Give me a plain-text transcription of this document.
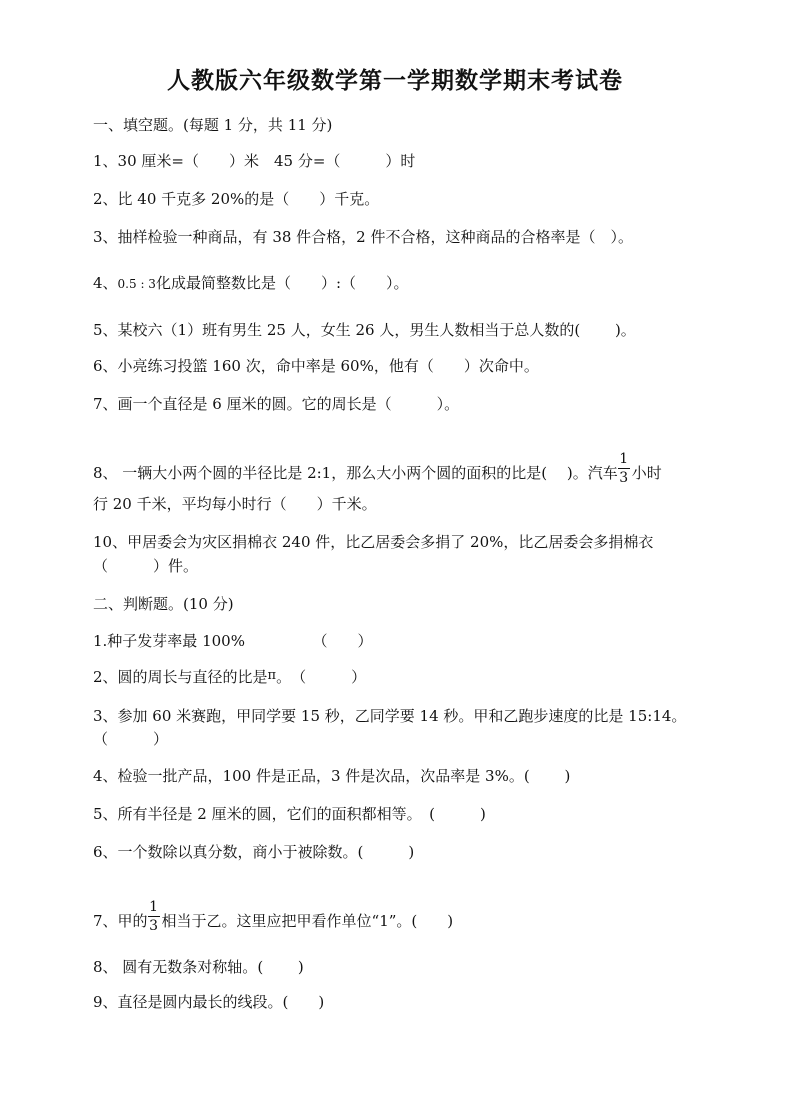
人教版六年级数学第一学期数学期末考试卷
一、填空题。(每题 1 分，共 11 分)
1、30 厘米=（　　）米　45 分=（　　　）时
2、比 40 千克多 20%的是（　　）千克。
3、抽样检验一种商品，有 38 件合格，2 件不合格，这种商品的合格率是（　）。
4、0.5 : 3化成最简整数比是（　　）:（　　）。
5、某校六（1）班有男生 25 人，女生 26 人，男生人数相当于总人数的(　　 )。
6、小亮练习投篮 160 次，命中率是 60%，他有（　　）次命中。
7、画一个直径是 6 厘米的圆。它的周长是（　　　）。
8、 一辆大小两个圆的半径比是 2:1，那么大小两个圆的面积的比是(　 )。汽车
1
3 小时
行 20 千米，平均每小时行（　　）千米。
10、甲居委会为灾区捐棉衣 240 件，比乙居委会多捐了 20%，比乙居委会多捐棉衣
（　　　）件。
二、判断题。(10 分)
1.种子发芽率最 100%　　　　　（　　）
2、圆的周长与直径的比是π。　（　　　）
3、参加 60 米赛跑，甲同学要 15 秒，乙同学要 14 秒。甲和乙跑步速度的比是 15:14。
（　　　）
4、检验一批产品，100 件是正品，3 件是次品，次品率是 3%。(　　 )
5、所有半径是 2 厘米的圆，它们的面积都相等。　(　　　)
6、一个数除以真分数，商小于被除数。(　　　)
7、甲的
1
3 相当于乙。这里应把甲看作单位“1”。(　　)
8、 圆有无数条对称轴。(　　 )
9、直径是圆内最长的线段。(　　)
